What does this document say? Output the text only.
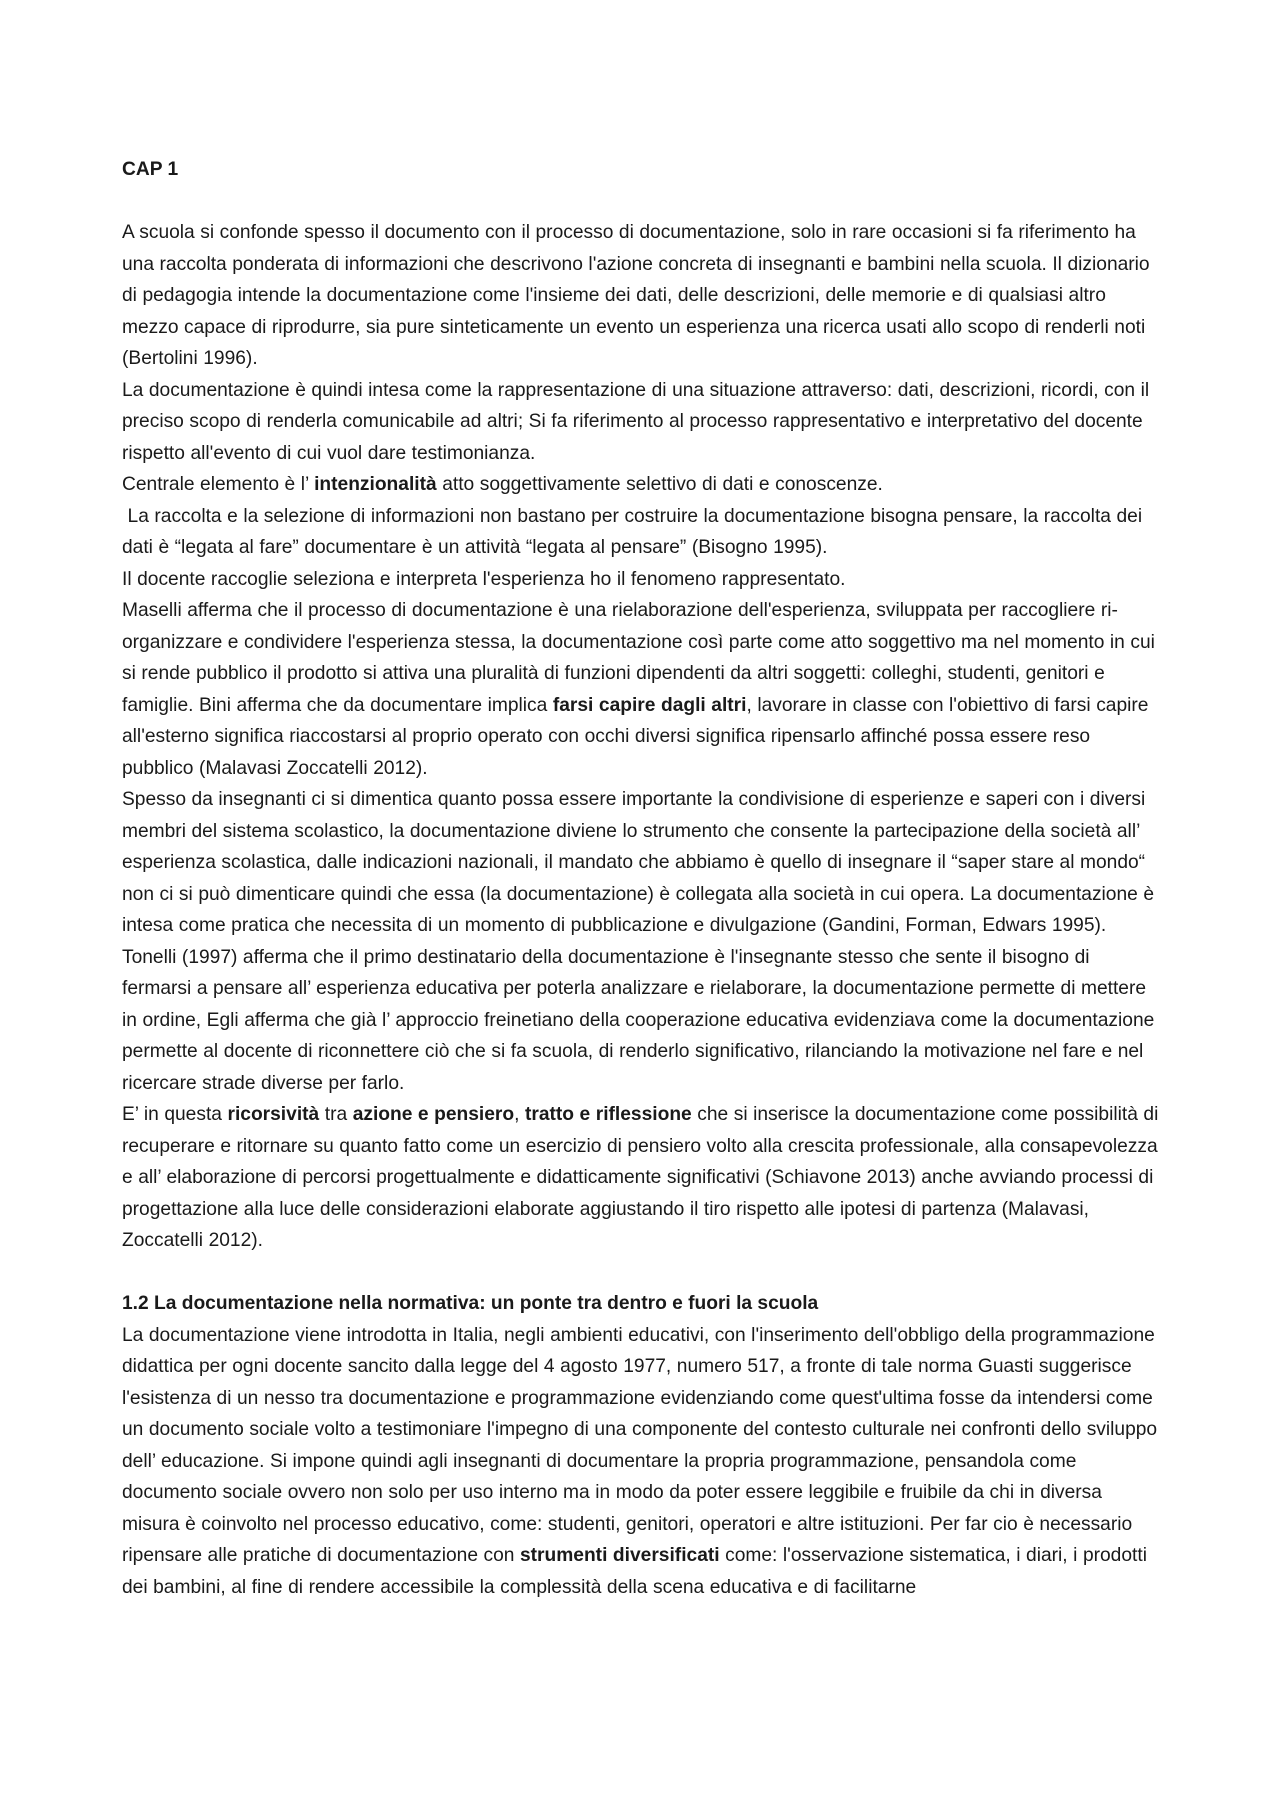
CAP 1

A scuola si confonde spesso il documento con il processo di documentazione, solo in rare occasioni si fa riferimento ha una raccolta ponderata di informazioni che descrivono l'azione concreta di insegnanti e bambini nella scuola. Il dizionario di pedagogia intende la documentazione come l'insieme dei dati, delle descrizioni, delle memorie e di qualsiasi altro mezzo capace di riprodurre, sia pure sinteticamente un evento un esperienza una ricerca usati allo scopo di renderli noti (Bertolini 1996).

La documentazione è quindi intesa come la rappresentazione di una situazione attraverso: dati, descrizioni, ricordi, con il preciso scopo di renderla comunicabile ad altri; Si fa riferimento al processo rappresentativo e interpretativo del docente rispetto all'evento di cui vuol dare testimonianza.

Centrale elemento è l’ intenzionalità atto soggettivamente selettivo di dati e conoscenze.

La raccolta e la selezione di informazioni non bastano per costruire la documentazione bisogna pensare, la raccolta dei dati è “legata al fare” documentare è un attività “legata al pensare” (Bisogno 1995).

Il docente raccoglie seleziona e interpreta l'esperienza ho il fenomeno rappresentato.

Maselli afferma che il processo di documentazione è una rielaborazione dell'esperienza, sviluppata per raccogliere ri-organizzare e condividere l'esperienza stessa, la documentazione così parte come atto soggettivo ma nel momento in cui si rende pubblico il prodotto si attiva una pluralità di funzioni dipendenti da altri soggetti: colleghi, studenti, genitori e famiglie. Bini afferma che da documentare implica farsi capire dagli altri, lavorare in classe con l'obiettivo di farsi capire all'esterno significa riaccostarsi al proprio operato con occhi diversi significa ripensarlo affinché possa essere reso pubblico (Malavasi Zoccatelli 2012).

Spesso da insegnanti ci si dimentica quanto possa essere importante la condivisione di esperienze e saperi con i diversi membri del sistema scolastico, la documentazione diviene lo strumento che consente la partecipazione della società all’ esperienza scolastica, dalle indicazioni nazionali, il mandato che abbiamo è quello di insegnare il “saper stare al mondo“ non ci si può dimenticare quindi che essa (la documentazione) è collegata alla società in cui opera. La documentazione è intesa come pratica che necessita di un momento di pubblicazione e divulgazione (Gandini, Forman, Edwars 1995).

Tonelli (1997) afferma che il primo destinatario della documentazione è l'insegnante stesso che sente il bisogno di fermarsi a pensare all’ esperienza educativa per poterla analizzare e rielaborare, la documentazione permette di mettere in ordine, Egli afferma che già l’ approccio freinetiano della cooperazione educativa evidenziava come la documentazione permette al docente di riconnettere ciò che si fa scuola, di renderlo significativo, rilanciando la motivazione nel fare e nel ricercare strade diverse per farlo.

E’ in questa ricorsività tra azione e pensiero, tratto e riflessione che si inserisce la documentazione come possibilità di recuperare e ritornare su quanto fatto come un esercizio di pensiero volto alla crescita professionale, alla consapevolezza e all’ elaborazione di percorsi progettualmente e didatticamente significativi (Schiavone 2013) anche avviando processi di progettazione alla luce delle considerazioni elaborate aggiustando il tiro rispetto alle ipotesi di partenza (Malavasi, Zoccatelli 2012).

1.2 La documentazione nella normativa: un ponte tra dentro e fuori la scuola

La documentazione viene introdotta in Italia, negli ambienti educativi, con l'inserimento dell'obbligo della programmazione didattica per ogni docente sancito dalla legge del 4 agosto 1977, numero 517, a fronte di tale norma Guasti suggerisce l'esistenza di un nesso tra documentazione e programmazione evidenziando come quest'ultima fosse da intendersi come un documento sociale volto a testimoniare l'impegno di una componente del contesto culturale nei confronti dello sviluppo dell’ educazione. Si impone quindi agli insegnanti di documentare la propria programmazione, pensandola come documento sociale ovvero non solo per uso interno ma in modo da poter essere leggibile e fruibile da chi in diversa misura è coinvolto nel processo educativo, come: studenti, genitori, operatori e altre istituzioni. Per far cio è necessario ripensare alle pratiche di documentazione con strumenti diversificati come: l'osservazione sistematica, i diari, i prodotti dei bambini, al fine di rendere accessibile la complessità della scena educativa e di facilitarne
